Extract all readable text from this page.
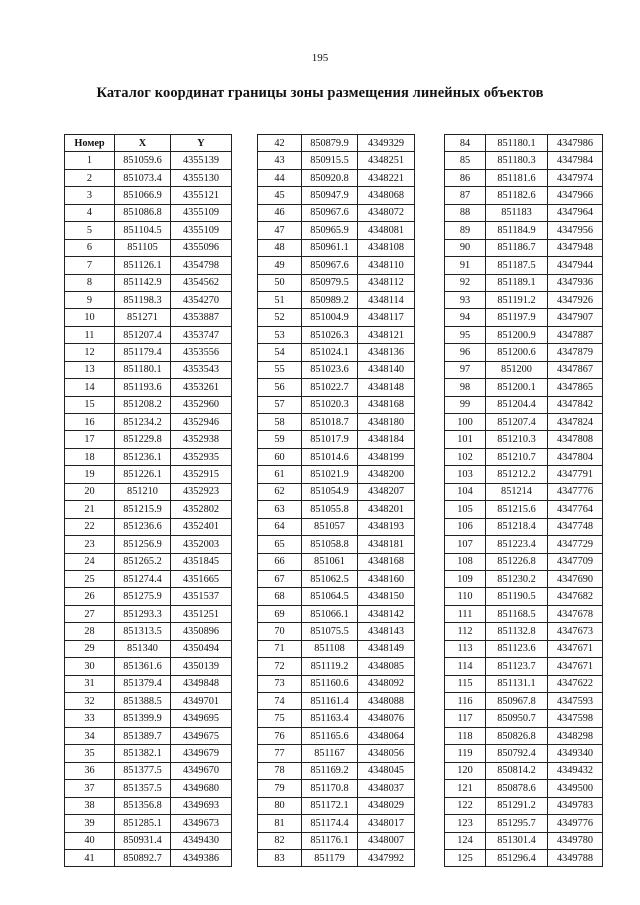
195
Каталог координат границы зоны размещения линейных объектов
Номер	X	Y
1	851059.6	4355139
2	851073.4	4355130
3	851066.9	4355121
4	851086.8	4355109
5	851104.5	4355109
6	851105	4355096
7	851126.1	4354798
8	851142.9	4354562
9	851198.3	4354270
10	851271	4353887
11	851207.4	4353747
12	851179.4	4353556
13	851180.1	4353543
14	851193.6	4353261
15	851208.2	4352960
16	851234.2	4352946
17	851229.8	4352938
18	851236.1	4352935
19	851226.1	4352915
20	851210	4352923
21	851215.9	4352802
22	851236.6	4352401
23	851256.9	4352003
24	851265.2	4351845
25	851274.4	4351665
26	851275.9	4351537
27	851293.3	4351251
28	851313.5	4350896
29	851340	4350494
30	851361.6	4350139
31	851379.4	4349848
32	851388.5	4349701
33	851399.9	4349695
34	851389.7	4349675
35	851382.1	4349679
36	851377.5	4349670
37	851357.5	4349680
38	851356.8	4349693
39	851285.1	4349673
40	850931.4	4349430
41	850892.7	4349386
42	850879.9	4349329
43	850915.5	4348251
44	850920.8	4348221
45	850947.9	4348068
46	850967.6	4348072
47	850965.9	4348081
48	850961.1	4348108
49	850967.6	4348110
50	850979.5	4348112
51	850989.2	4348114
52	851004.9	4348117
53	851026.3	4348121
54	851024.1	4348136
55	851023.6	4348140
56	851022.7	4348148
57	851020.3	4348168
58	851018.7	4348180
59	851017.9	4348184
60	851014.6	4348199
61	851021.9	4348200
62	851054.9	4348207
63	851055.8	4348201
64	851057	4348193
65	851058.8	4348181
66	851061	4348168
67	851062.5	4348160
68	851064.5	4348150
69	851066.1	4348142
70	851075.5	4348143
71	851108	4348149
72	851119.2	4348085
73	851160.6	4348092
74	851161.4	4348088
75	851163.4	4348076
76	851165.6	4348064
77	851167	4348056
78	851169.2	4348045
79	851170.8	4348037
80	851172.1	4348029
81	851174.4	4348017
82	851176.1	4348007
83	851179	4347992
84	851180.1	4347986
85	851180.3	4347984
86	851181.6	4347974
87	851182.6	4347966
88	851183	4347964
89	851184.9	4347956
90	851186.7	4347948
91	851187.5	4347944
92	851189.1	4347936
93	851191.2	4347926
94	851197.9	4347907
95	851200.9	4347887
96	851200.6	4347879
97	851200	4347867
98	851200.1	4347865
99	851204.4	4347842
100	851207.4	4347824
101	851210.3	4347808
102	851210.7	4347804
103	851212.2	4347791
104	851214	4347776
105	851215.6	4347764
106	851218.4	4347748
107	851223.4	4347729
108	851226.8	4347709
109	851230.2	4347690
110	851190.5	4347682
111	851168.5	4347678
112	851132.8	4347673
113	851123.6	4347671
114	851123.7	4347671
115	851131.1	4347622
116	850967.8	4347593
117	850950.7	4347598
118	850826.8	4348298
119	850792.4	4349340
120	850814.2	4349432
121	850878.6	4349500
122	851291.2	4349783
123	851295.7	4349776
124	851301.4	4349780
125	851296.4	4349788
